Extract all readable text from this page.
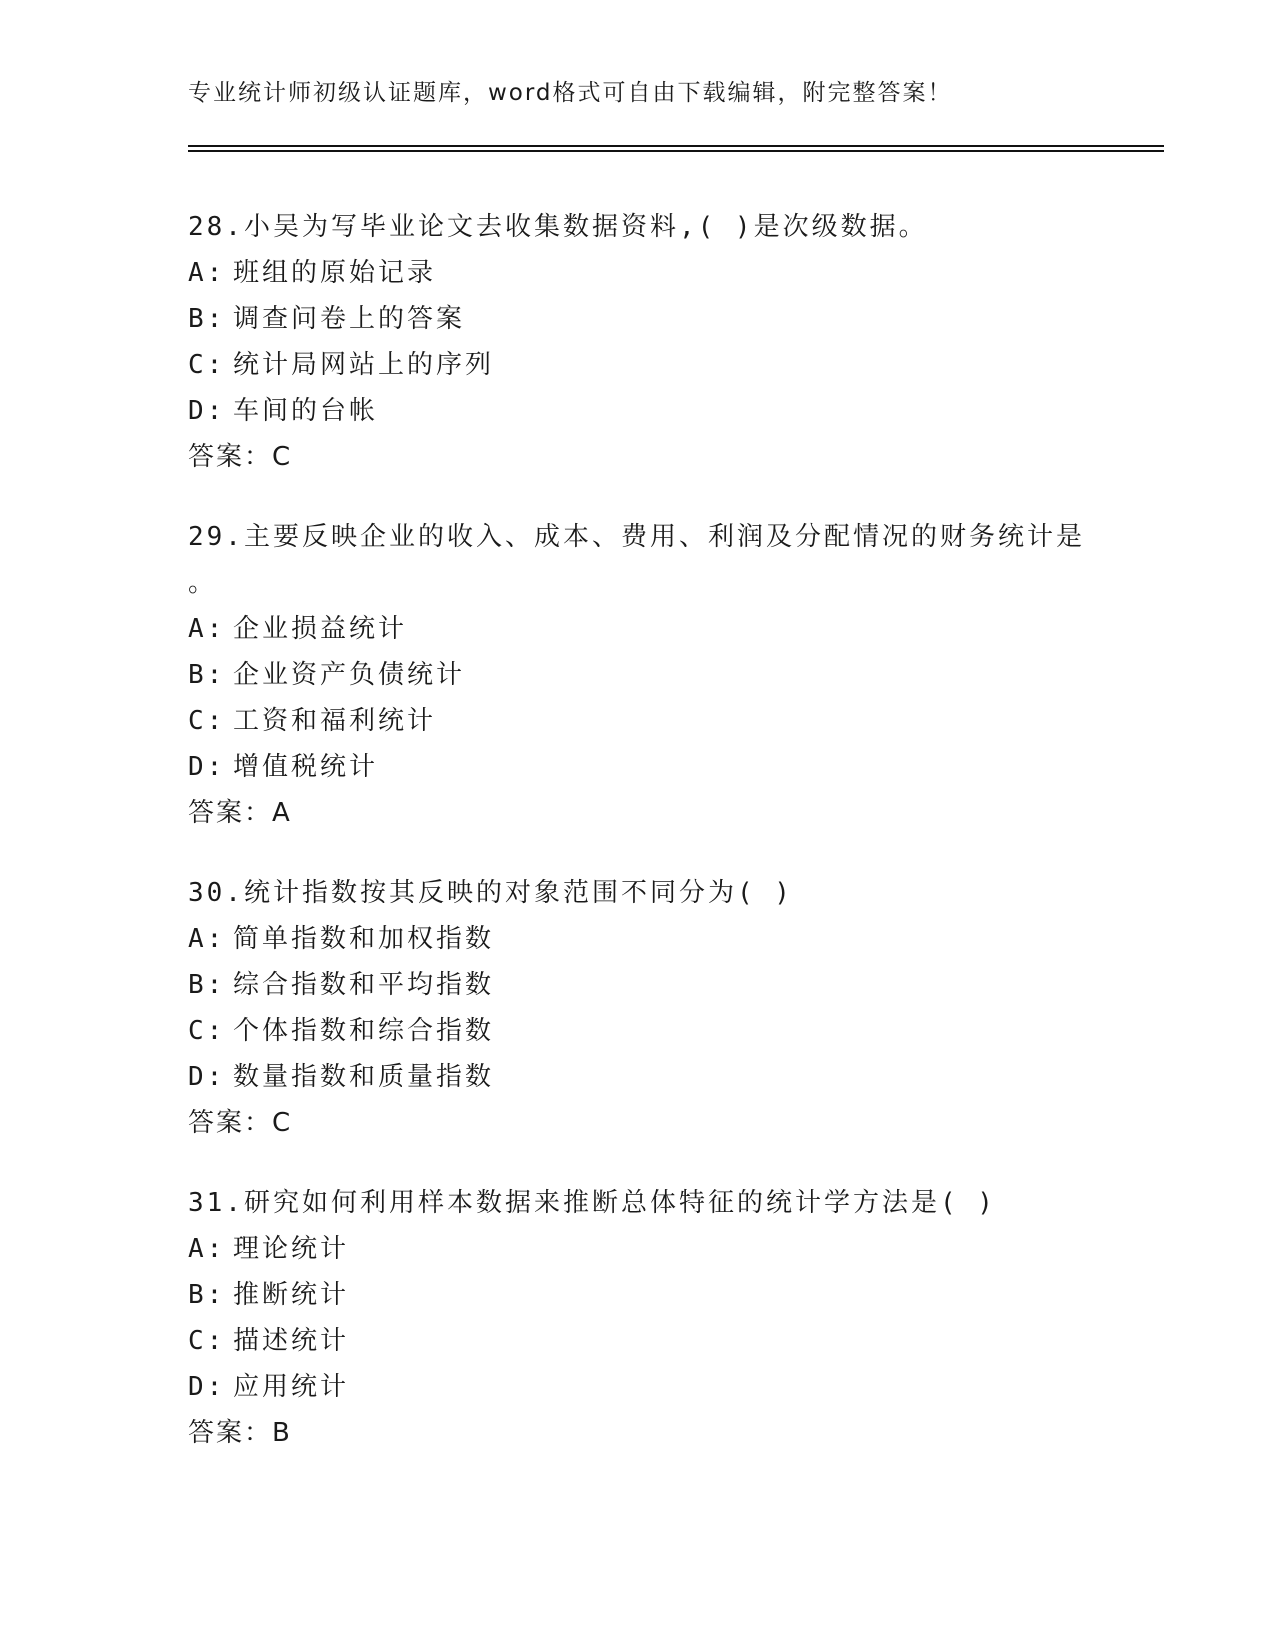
专业统计师初级认证题库，word格式可自由下载编辑，附完整答案！
28.小吴为写毕业论文去收集数据资料,( )是次级数据。
A: 班组的原始记录
B: 调查问卷上的答案
C: 统计局网站上的序列
D: 车间的台帐
答案：C
29.主要反映企业的收入、成本、费用、利润及分配情况的财务统计是
。
A: 企业损益统计
B: 企业资产负债统计
C: 工资和福利统计
D: 增值税统计
答案：A
30.统计指数按其反映的对象范围不同分为( )
A: 简单指数和加权指数
B: 综合指数和平均指数
C: 个体指数和综合指数
D: 数量指数和质量指数
答案：C
31.研究如何利用样本数据来推断总体特征的统计学方法是( )
A: 理论统计
B: 推断统计
C: 描述统计
D: 应用统计
答案：B
